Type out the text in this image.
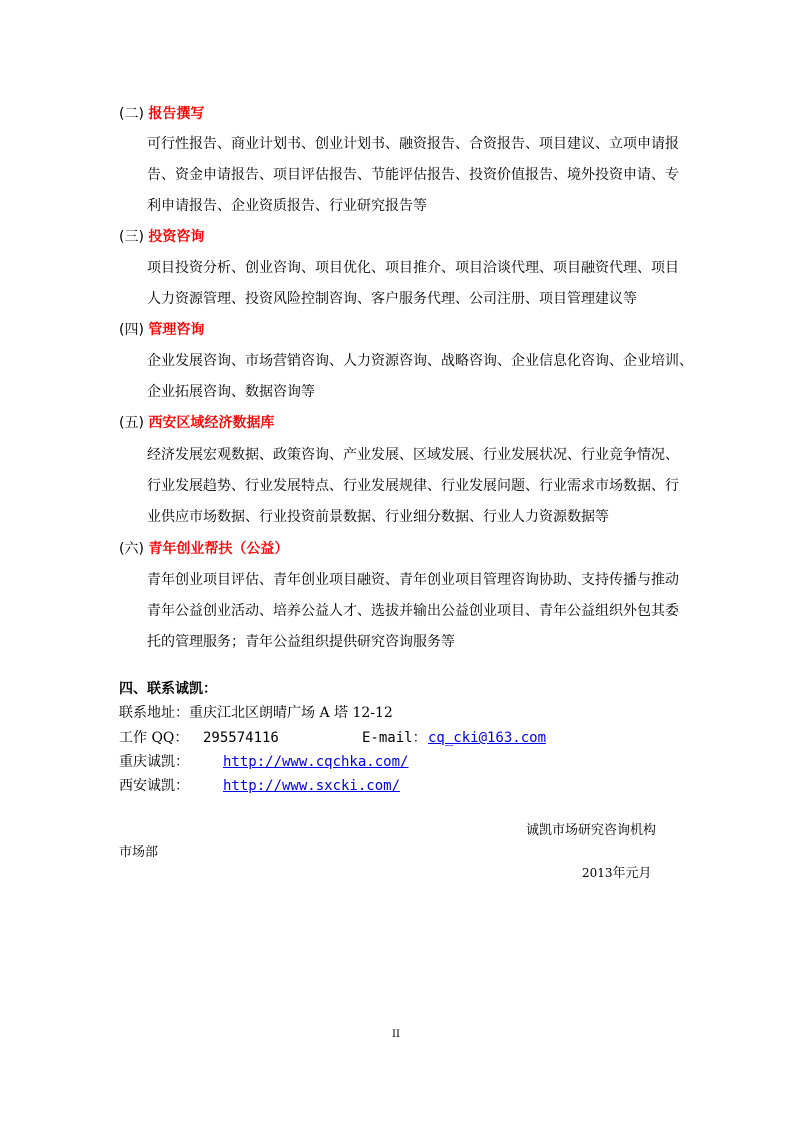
(二) 报告撰写
可行性报告、商业计划书、创业计划书、融资报告、合资报告、项目建议、立项申请报
告、资金申请报告、项目评估报告、节能评估报告、投资价值报告、境外投资申请、专
利申请报告、企业资质报告、行业研究报告等
(三) 投资咨询
项目投资分析、创业咨询、项目优化、项目推介、项目洽谈代理、项目融资代理、项目
人力资源管理、投资风险控制咨询、客户服务代理、公司注册、项目管理建议等
(四) 管理咨询
企业发展咨询、市场营销咨询、人力资源咨询、战略咨询、企业信息化咨询、企业培训、
企业拓展咨询、数据咨询等
(五) 西安区域经济数据库
经济发展宏观数据、政策咨询、产业发展、区域发展、行业发展状况、行业竞争情况、
行业发展趋势、行业发展特点、行业发展规律、行业发展问题、行业需求市场数据、行
业供应市场数据、行业投资前景数据、行业细分数据、行业人力资源数据等
(六) 青年创业帮扶（公益）
青年创业项目评估、青年创业项目融资、青年创业项目管理咨询协助、支持传播与推动
青年公益创业活动、培养公益人才、选拔并输出公益创业项目、青年公益组织外包其委
托的管理服务；青年公益组织提供研究咨询服务等
四、联系诚凯：
联系地址：重庆江北区朗晴广场 A 塔 12-12
工作 QQ： 295574116	E-mail： cq_cki@163.com
重庆诚凯： http://www.cqchka.com/
西安诚凯： http://www.sxcki.com/
诚凯市场研究咨询机构
市场部
2013年元月
II
